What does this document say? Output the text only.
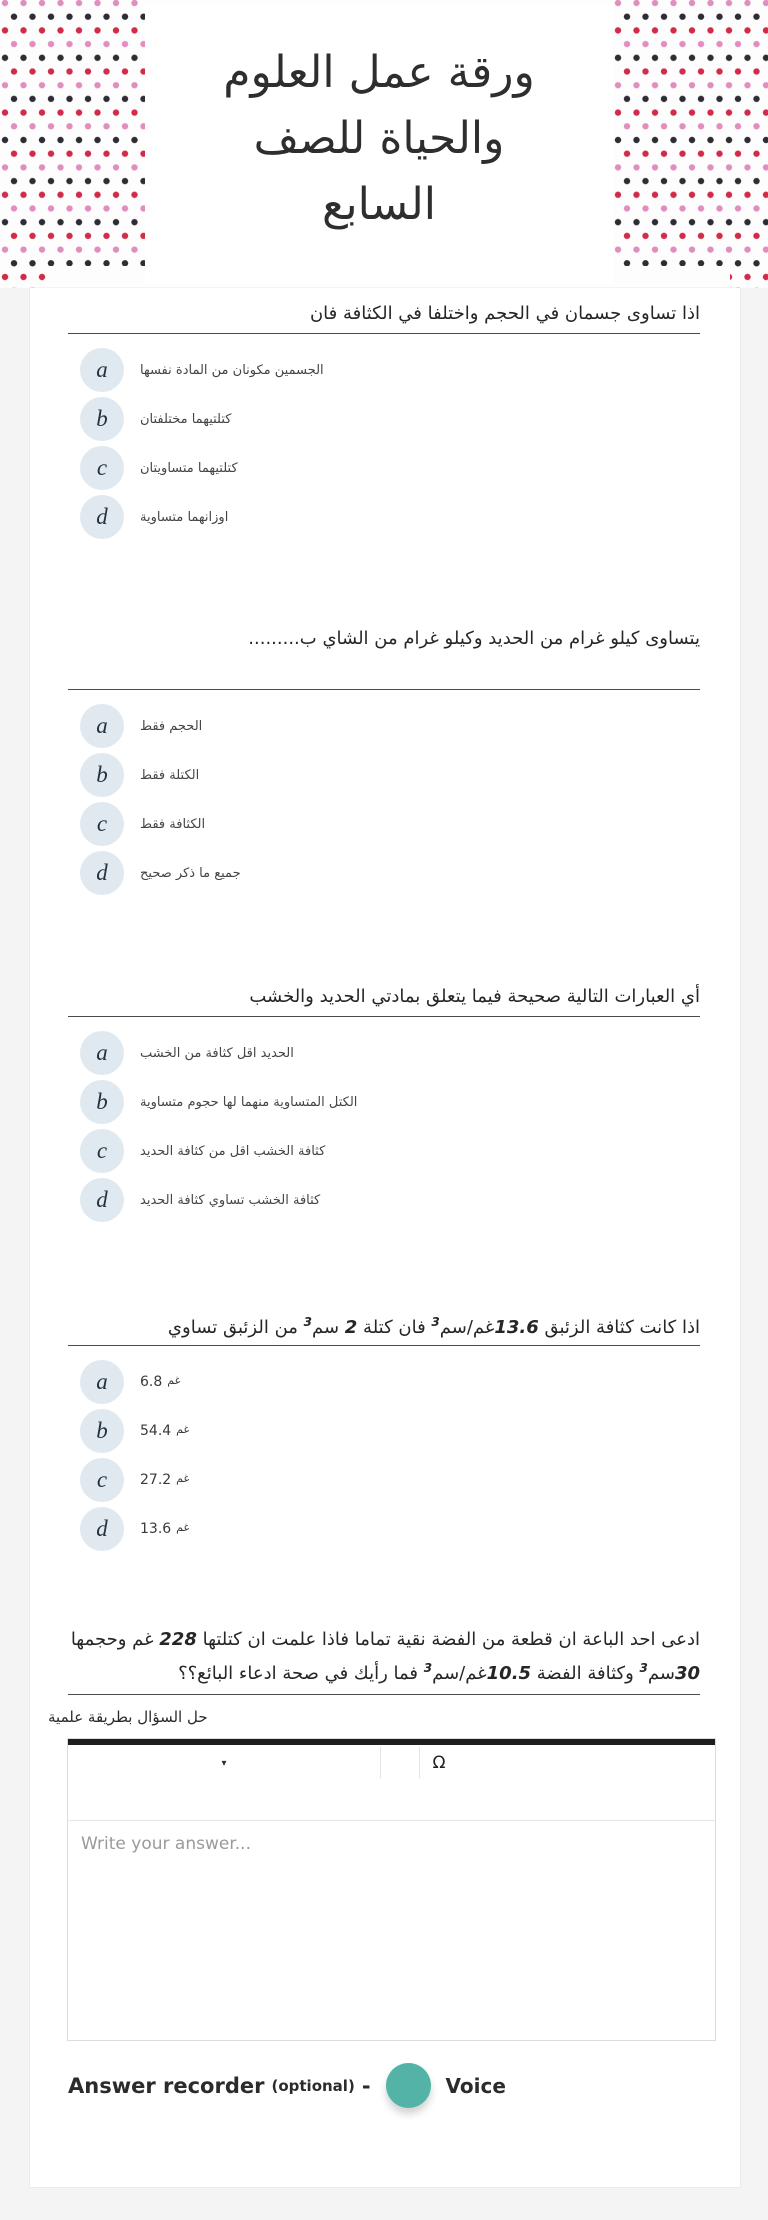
ورقة عمل العلوم
والحياة للصف
السابع
اذا تساوى جسمان في الحجم واختلفا في الكثافة فان
a	الجسمين مكونان من المادة نفسها
b	كتلتيهما مختلفتان
c	كتلتيهما متساويتان
d	اوزانهما متساوية
يتساوى كيلو غرام من الحديد وكيلو غرام من الشاي ب.........
a	الحجم فقط
b	الكتلة فقط
c	الكثافة فقط
d	جميع ما ذكر صحيح
أي العبارات التالية صحيحة فيما يتعلق بمادتي الحديد والخشب
a	الحديد اقل كثافة من الخشب
b	الكتل المتساوية منهما لها حجوم متساوية
c	كثافة الخشب اقل من كثافة الحديد
d	كثافة الخشب تساوي كثافة الحديد
اذا كانت كثافة الزئبق 13.6غم/سم$^3$ فان كتلة 2 سم$^3$ من الزئبق تساوي
a	6.8 غم
b	54.4 غم
c	27.2 غم
d	13.6 غم
ادعى احد الباعة ان قطعة من الفضة نقية تماما فاذا علمت ان كتلتها 228 غم وحجمها 30سم$^3$ وكثافة الفضة 10.5غم/سم$^3$ فما رأيك في صحة ادعاء البائع؟؟
حل السؤال بطريقة علمية
▾	Ω
Write your answer...
Answer recorder (optional) -	Voice
